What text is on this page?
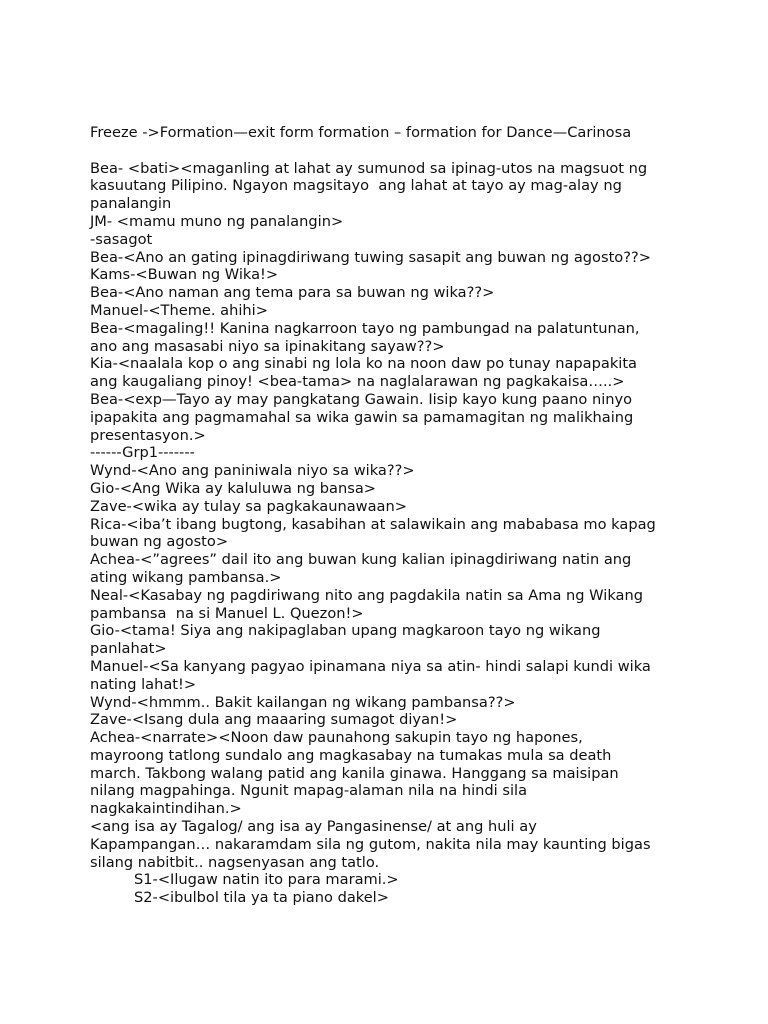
Freeze ->Formation—exit form formation – formation for Dance—Carinosa

Bea- <bati><maganling at lahat ay sumunod sa ipinag-utos na magsuot ng

kasuutang Pilipino. Ngayon magsitayo  ang lahat at tayo ay mag-alay ng

panalangin

JM- <mamu muno ng panalangin>

-sasagot

Bea-<Ano an gating ipinagdiriwang tuwing sasapit ang buwan ng agosto??>

Kams-<Buwan ng Wika!>

Bea-<Ano naman ang tema para sa buwan ng wika??>

Manuel-<Theme. ahihi>

Bea-<magaling!! Kanina nagkarroon tayo ng pambungad na palatuntunan,

ano ang masasabi niyo sa ipinakitang sayaw??>

Kia-<naalala kop o ang sinabi ng lola ko na noon daw po tunay napapakita

ang kaugaliang pinoy! <bea-tama> na naglalarawan ng pagkakaisa…..>

Bea-<exp—Tayo ay may pangkatang Gawain. Iisip kayo kung paano ninyo

ipapakita ang pagmamahal sa wika gawin sa pamamagitan ng malikhaing

presentasyon.>

------Grp1-------

Wynd-<Ano ang paniniwala niyo sa wika??>

Gio-<Ang Wika ay kaluluwa ng bansa>

Zave-<wika ay tulay sa pagkakaunawaan>

Rica-<iba’t ibang bugtong, kasabihan at salawikain ang mababasa mo kapag

buwan ng agosto>

Achea-<”agrees” dail ito ang buwan kung kalian ipinagdiriwang natin ang

ating wikang pambansa.>

Neal-<Kasabay ng pagdiriwang nito ang pagdakila natin sa Ama ng Wikang

pambansa  na si Manuel L. Quezon!>

Gio-<tama! Siya ang nakipaglaban upang magkaroon tayo ng wikang

panlahat>

Manuel-<Sa kanyang pagyao ipinamana niya sa atin- hindi salapi kundi wika

nating lahat!>

Wynd-<hmmm.. Bakit kailangan ng wikang pambansa??>

Zave-<Isang dula ang maaaring sumagot diyan!>

Achea-<narrate><Noon daw paunahong sakupin tayo ng hapones,

mayroong tatlong sundalo ang magkasabay na tumakas mula sa death

march. Takbong walang patid ang kanila ginawa. Hanggang sa maisipan

nilang magpahinga. Ngunit mapag-alaman nila na hindi sila

nagkakaintindihan.>

<ang isa ay Tagalog/ ang isa ay Pangasinense/ at ang huli ay

Kapampangan… nakaramdam sila ng gutom, nakita nila may kaunting bigas

silang nabitbit.. nagsenyasan ang tatlo.

S1-<Ilugaw natin ito para marami.>

S2-<ibulbol tila ya ta piano dakel>
